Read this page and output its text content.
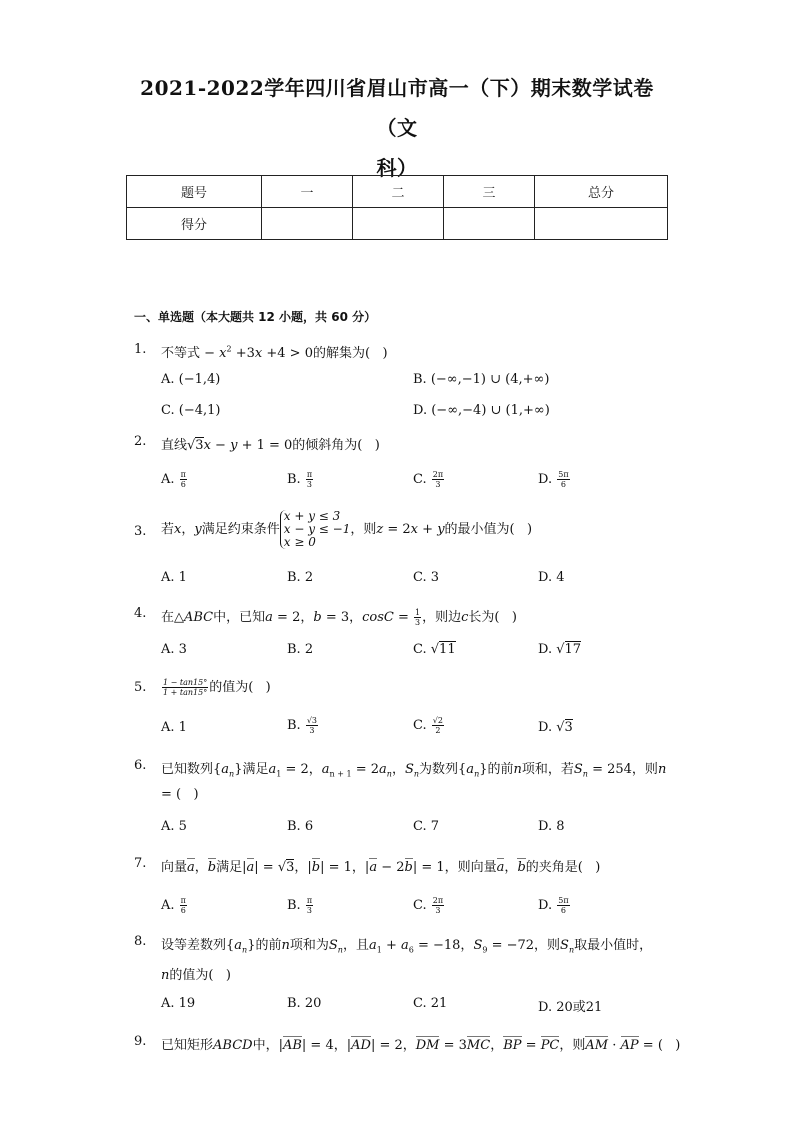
2021-2022学年四川省眉山市高一（下）期末数学试卷（文
科）
题号	一	二	三	总分
得分				
一、单选题（本大题共 12 小题，共 60 分）
1. 不等式 − $x^2 +3x +4 > 0$的解集为(   )
A. (−1,4)	B. (−∞,−1) ∪ (4,+∞)
C. (−4,1)	D. (−∞,−4) ∪ (1,+∞)
2. 直线√3x − y + 1 = 0的倾斜角为(   )
A. $\frac{\pi}{6}$	B. $\frac{\pi}{3}$	C. $\frac{2\pi}{3}$	D. $\frac{5\pi}{6}$
3. 若x，y满足约束条件x + y ≤ 3
x − y ≤ −1
x ≥ 0，则z = 2x + y的最小值为(   )
A. 1	B. 2	C. 3	D. 4
4. 在△ABC中，已知a = 2，b = 3，$\cos C = \frac{1}{3}$ ，则边c长为(   )
A. 3	B. 2	C. √11	D. √17
5. $\frac{1 - \tan 15^\circ}{1 + \tan 15^\circ}$ 的值为(   )
A. 1	B. $\frac{√3}{3}$	C. $\frac{√2}{2}$	D. √3
6. 已知数列$\{a_n\}$满足$a_1 = 2$，$a_{n + 1} = 2a_n$，$S_n$为数列$\{a_n\}$的前n项和，若$S_n = 254$，则n
= (   )
A. 5	B. 6	C. 7	D. 8
7. 向量a，b满足|a| = √3，|b| = 1，|a − 2b| = 1，则向量a，b的夹角是(   )
A. $\frac{\pi}{6}$	B. $\frac{\pi}{3}$	C. $\frac{2\pi}{3}$	D. $\frac{5\pi}{6}$
8. 设等差数列$\{a_n\}$的前n项和为$S_n$，且$a_1 + a_6 = -18$，$S_9 = -72$，则$S_n$取最小值时，
n的值为(   )
A. 19	B. 20	C. 21	D. 20或21
9. 已知矩形ABCD中，|AB| = 4，|AD| = 2，DM = 3MC，BP = PC，则AM · AP = (   )
